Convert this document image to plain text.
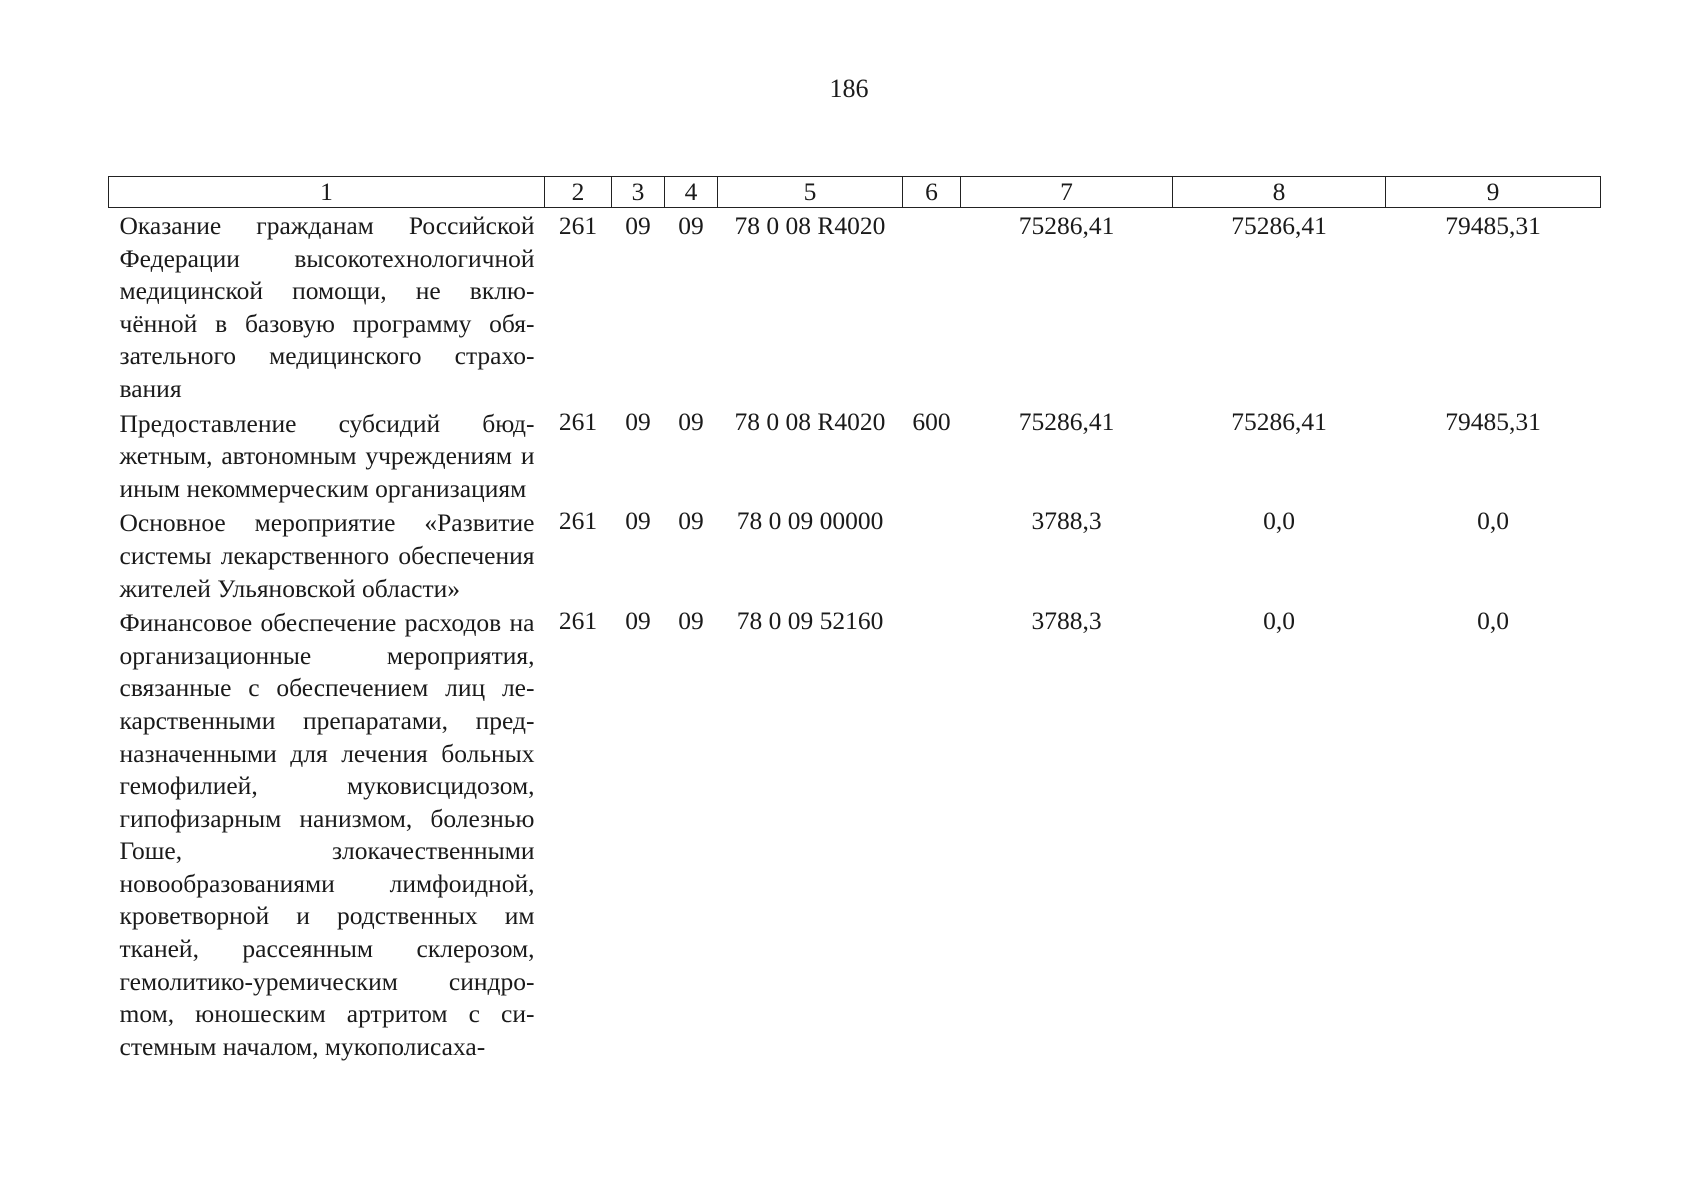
186
1	2	3	4	5	6	7	8	9
Оказание гражданам Российской Федерации высокотехнологичной медицинской помощи, не включённой в базовую программу обязательного медицинского страхования	261	09	09	78 0 08 R4020		75286,41	75286,41	79485,31
Предоставление субсидий бюджетным, автономным учреждениям и иным некоммерческим организациям	261	09	09	78 0 08 R4020	600	75286,41	75286,41	79485,31
Основное мероприятие «Развитие системы лекарственного обеспечения жителей Ульяновской области»	261	09	09	78 0 09 00000		3788,3	0,0	0,0
Финансовое обеспечение расходов на организационные мероприятия, связанные с обеспечением лиц лекарственными препаратами, предназначенными для лечения больных гемофилией, муковисцидозом, гипофизарным нанизмом, болезнью Гоше, злокачественными новообразованиями лимфоидной, кроветворной и родственных им тканей, рассеянным склерозом, гемолитико-уремическим синдроmом, юношеским артритом с системным началом, мукополисаха-	261	09	09	78 0 09 52160		3788,3	0,0	0,0
